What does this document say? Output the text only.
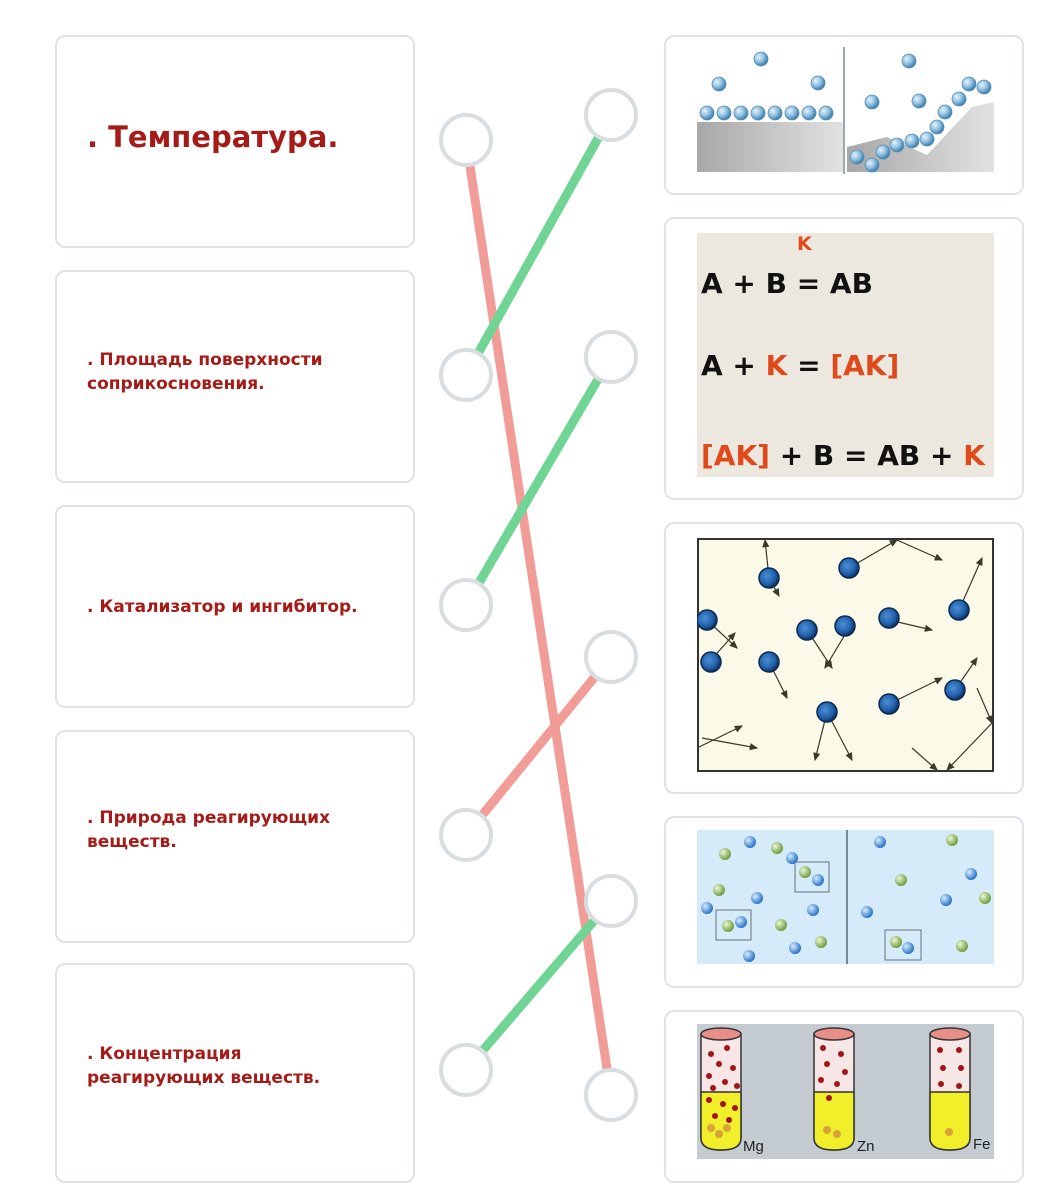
. Температура.
. Площадь поверхности
соприкосновения.
. Катализатор и ингибитор.
. Природа реагирующих
веществ.
. Концентрация
реагирующих веществ.
K
A + B = AB
A + K = [AK]
[AK] + B = AB + K
Mg	Zn	Fe
